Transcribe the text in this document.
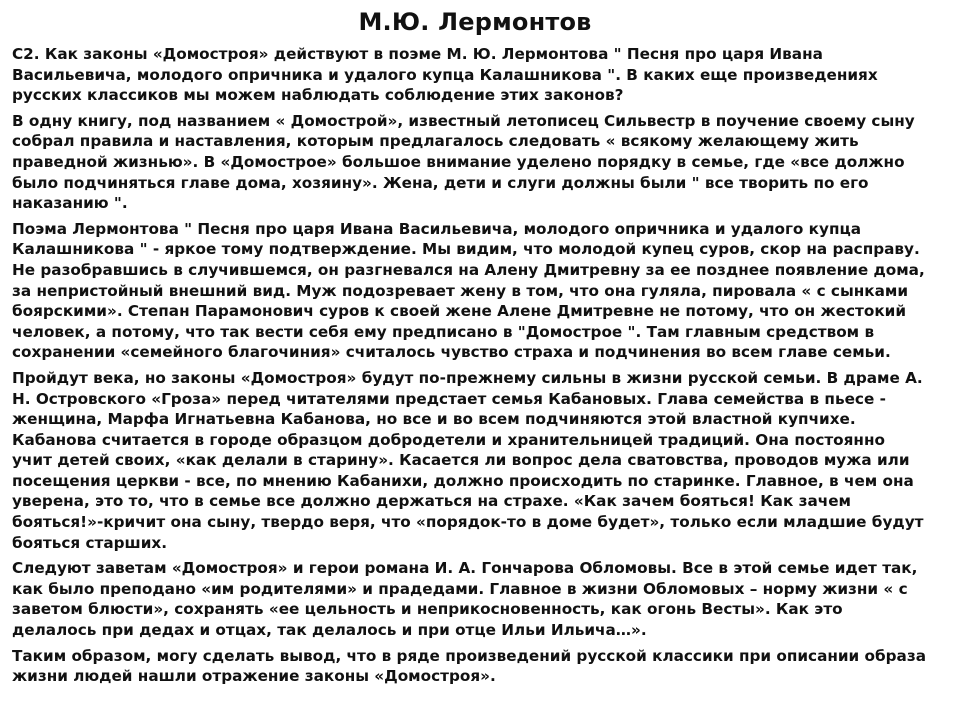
М.Ю. Лермонтов

С2. Как законы «Домостроя» действуют в поэме М. Ю. Лермонтова " Песня про царя Ивана Васильевича, молодого опричника и удалого купца Калашникова ". В каких еще произведениях русских классиков мы можем наблюдать соблюдение этих законов?

В одну книгу, под названием « Домострой», известный летописец Сильвестр в поучение своему сыну собрал правила и наставления, которым предлагалось следовать « всякому желающему жить праведной жизнью». В «Домострое» большое внимание уделено порядку в семье, где «все должно было подчиняться главе дома, хозяину». Жена, дети и слуги должны были " все творить по его наказанию ".

Поэма Лермонтова " Песня про царя Ивана Васильевича, молодого опричника и удалого купца Калашникова " - яркое тому подтверждение. Мы видим, что молодой купец суров, скор на расправу. Не разобравшись в случившемся, он разгневался на Алену Дмитревну за ее позднее появление дома, за непристойный внешний вид. Муж подозревает жену в том, что она гуляла, пировала « с сынками боярскими». Степан Парамонович суров к своей жене Алене Дмитревне не потому, что он жестокий человек, а потому, что так вести себя ему предписано в "Домострое ". Там главным средством в сохранении «семейного благочиния» считалось чувство страха и подчинения во всем главе семьи.

Пройдут века, но законы «Домостроя» будут по-прежнему сильны в жизни русской семьи. В драме А. Н. Островского «Гроза» перед читателями предстает семья Кабановых. Глава семейства в пьесе - женщина, Марфа Игнатьевна Кабанова, но все и во всем подчиняются этой властной купчихе. Кабанова считается в городе образцом добродетели и хранительницей традиций. Она постоянно учит детей своих, «как делали в старину». Касается ли вопрос дела сватовства, проводов мужа или посещения церкви - все, по мнению Кабанихи, должно происходить по старинке. Главное, в чем она уверена, это то, что в семье все должно держаться на страхе. «Как зачем бояться! Как зачем бояться!»-кричит она сыну, твердо веря, что «порядок-то в доме будет», только если младшие будут бояться старших.

Следуют заветам «Домостроя» и герои романа И. А. Гончарова Обломовы. Все в этой семье идет так, как было преподано «им родителями» и прадедами. Главное в жизни Обломовых – норму жизни « с заветом блюсти», сохранять «ее цельность и неприкосновенность, как огонь Весты». Как это делалось при дедах и отцах, так делалось и при отце Ильи Ильича…».

Таким образом, могу сделать вывод, что в ряде произведений русской классики при описании образа жизни людей нашли отражение законы «Домостроя».
